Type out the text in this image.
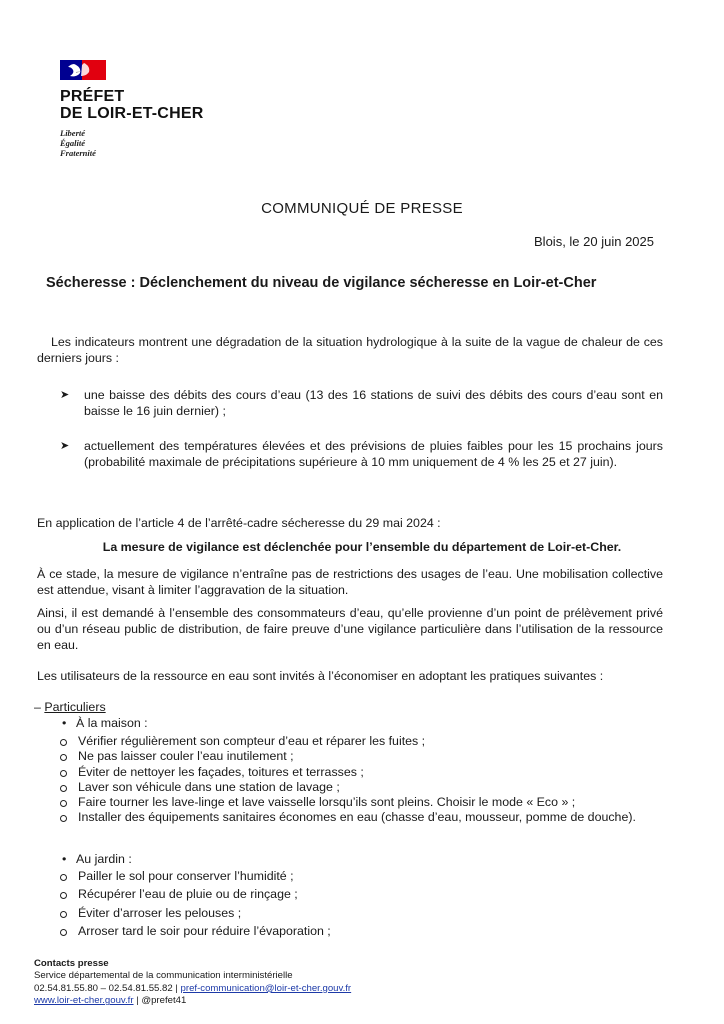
PRÉFET
DE LOIR-ET-CHER
Liberté
Égalité
Fraternité
COMMUNIQUÉ DE PRESSE
Blois, le 20 juin 2025
Sécheresse : Déclenchement du niveau de vigilance sécheresse en Loir-et-Cher
Les indicateurs montrent une dégradation de la situation hydrologique à la suite de la vague de chaleur de ces derniers jours :
➤ une baisse des débits des cours d’eau (13 des 16 stations de suivi des débits des cours d’eau sont en baisse le 16 juin dernier) ;
➤ actuellement des températures élevées et des prévisions de pluies faibles pour les 15 prochains jours (probabilité maximale de précipitations supérieure à 10 mm uniquement de 4 % les 25 et 27 juin).
En application de l’article 4 de l’arrêté-cadre sécheresse du 29 mai 2024 :
La mesure de vigilance est déclenchée pour l’ensemble du département de Loir-et-Cher.
À ce stade, la mesure de vigilance n’entraîne pas de restrictions des usages de l’eau. Une mobilisation collective est attendue, visant à limiter l’aggravation de la situation.
Ainsi, il est demandé à l’ensemble des consommateurs d’eau, qu’elle provienne d’un point de prélèvement privé ou d’un réseau public de distribution, de faire preuve d’une vigilance particulière dans l’utilisation de la ressource en eau.
Les utilisateurs de la ressource en eau sont invités à l’économiser en adoptant les pratiques suivantes :
– Particuliers
• À la maison :
Vérifier régulièrement son compteur d’eau et réparer les fuites ;
Ne pas laisser couler l’eau inutilement ;
Éviter de nettoyer les façades, toitures et terrasses ;
Laver son véhicule dans une station de lavage ;
Faire tourner les lave-linge et lave vaisselle lorsqu’ils sont pleins. Choisir le mode « Eco » ;
Installer des équipements sanitaires économes en eau (chasse d’eau, mousseur, pomme de douche).
• Au jardin :
Pailler le sol pour conserver l’humidité ;
Récupérer l’eau de pluie ou de rinçage ;
Éviter d’arroser les pelouses ;
Arroser tard le soir pour réduire l’évaporation ;
Contacts presse
Service départemental de la communication interministérielle
02.54.81.55.80 – 02.54.81.55.82 | pref-communication@loir-et-cher.gouv.fr
www.loir-et-cher.gouv.fr | @prefet41
